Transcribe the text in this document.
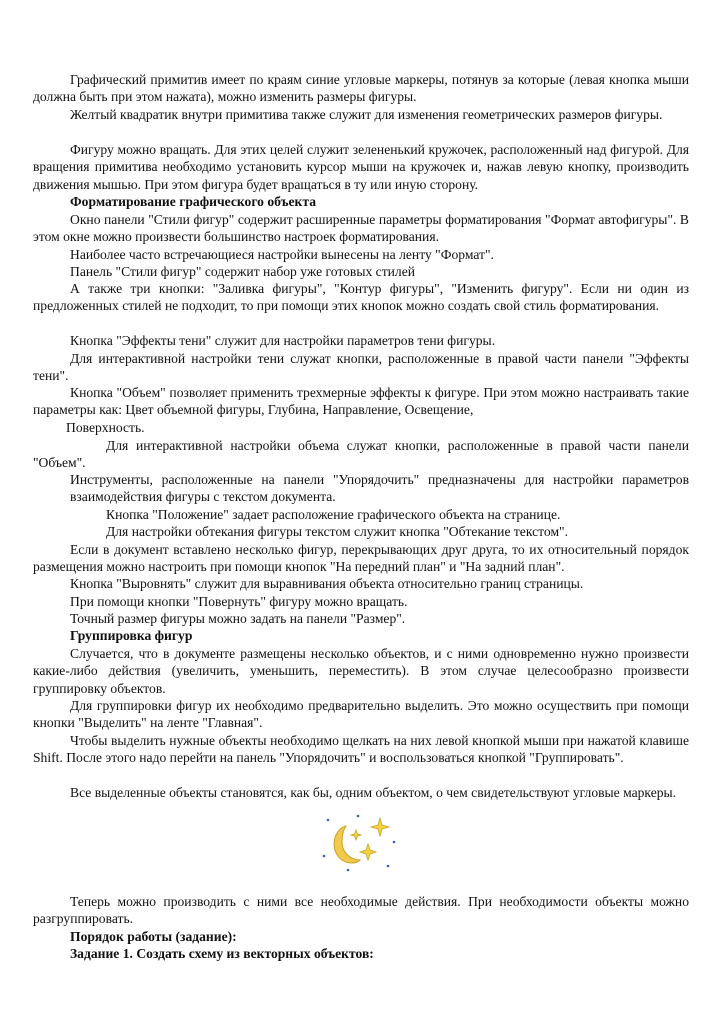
Графический примитив имеет по краям синие угловые маркеры, потянув за которые (левая кнопка мыши должна быть при этом нажата), можно изменить размеры фигуры.
Желтый квадратик внутри примитива также служит для изменения геометрических размеров фигуры.
Фигуру можно вращать. Для этих целей служит зелененький кружочек, расположенный над фигурой. Для вращения примитива необходимо установить курсор мыши на кружочек и, нажав левую кнопку, производить движения мышью. При этом фигура будет вращаться в ту или иную сторону.
Форматирование графического объекта
Окно панели "Стили фигур" содержит расширенные параметры форматирования "Формат автофигуры". В этом окне можно произвести большинство настроек форматирования.
Наиболее часто встречающиеся настройки вынесены на ленту "Формат".
Панель "Стили фигур" содержит набор уже готовых стилей
А также три кнопки: "Заливка фигуры", "Контур фигуры", "Изменить фигуру". Если ни один из предложенных стилей не подходит, то при помощи этих кнопок можно создать свой стиль форматирования.
Кнопка "Эффекты тени" служит для настройки параметров тени фигуры.
Для интерактивной настройки тени служат кнопки, расположенные в правой части панели "Эффекты тени".
Кнопка "Объем" позволяет применить трехмерные эффекты к фигуре. При этом можно настраивать такие параметры как: Цвет объемной фигуры, Глубина, Направление, Освещение,
Поверхность.
Для интерактивной настройки объема служат кнопки, расположенные в правой части панели "Объем".
Инструменты, расположенные на панели "Упорядочить" предназначены для настройки параметров взаимодействия фигуры с текстом документа.
Кнопка "Положение" задает расположение графического объекта на странице.
Для настройки обтекания фигуры текстом служит кнопка "Обтекание текстом".
Если в документ вставлено несколько фигур, перекрывающих друг друга, то их относительный порядок размещения можно настроить при помощи кнопок "На передний план" и "На задний план".
Кнопка "Выровнять" служит для выравнивания объекта относительно границ страницы.
При помощи кнопки "Повернуть" фигуру можно вращать.
Точный размер фигуры можно задать на панели "Размер".
Группировка фигур
Случается, что в документе размещены несколько объектов, и с ними одновременно нужно произвести какие-либо действия (увеличить, уменьшить, переместить). В этом случае целесообразно произвести группировку объектов.
Для группировки фигур их необходимо предварительно выделить. Это можно осуществить при помощи кнопки "Выделить" на ленте "Главная".
Чтобы выделить нужные объекты необходимо щелкать на них левой кнопкой мыши при нажатой клавише Shift. После этого надо перейти на панель "Упорядочить" и воспользоваться кнопкой "Группировать".
Все выделенные объекты становятся, как бы, одним объектом, о чем свидетельствуют угловые маркеры.
Теперь можно производить с ними все необходимые действия. При необходимости объекты можно разгруппировать.
Порядок работы (задание):
Задание 1. Создать схему из векторных объектов:
